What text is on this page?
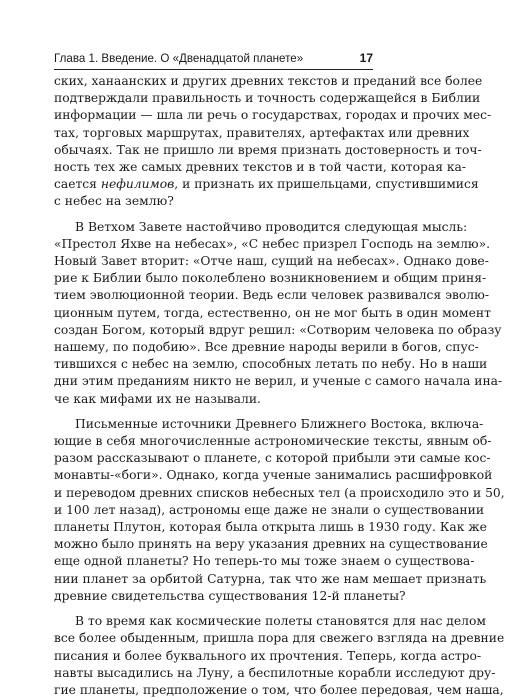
Глава 1. Введение. О «Двенадцатой планете»	17
ских, ханаанских и других древних текстов и преданий все более
подтверждали правильность и точность содержащейся в Библии
информации — шла ли речь о государствах, городах и прочих мес-
тах, торговых маршрутах, правителях, артефактах или древних
обычаях. Так не пришло ли время признать достоверность и точ-
ность тех же самых древних текстов и в той части, которая ка-
сается нефилимов, и признать их пришельцами, спустившимися
с небес на землю?
В Ветхом Завете настойчиво проводится следующая мысль:
«Престол Яхве на небесах», «С небес призрел Господь на землю».
Новый Завет вторит: «Отче наш, сущий на небесах». Однако дове-
рие к Библии было поколеблено возникновением и общим приня-
тием эволюционной теории. Ведь если человек развивался эволю-
ционным путем, тогда, естественно, он не мог быть в один момент
создан Богом, который вдруг решил: «Сотворим человека по образу
нашему, по подобию». Все древние народы верили в богов, спус-
тившихся с небес на землю, способных летать по небу. Но в наши
дни этим преданиям никто не верил, и ученые с самого начала ина-
че как мифами их не называли.
Письменные источники Древнего Ближнего Востока, включа-
ющие в себя многочисленные астрономические тексты, явным об-
разом рассказывают о планете, с которой прибыли эти самые кос-
монавты-«боги». Однако, когда ученые занимались расшифровкой
и переводом древних списков небесных тел (а происходило это и 50,
и 100 лет назад), астрономы еще даже не знали о существовании
планеты Плутон, которая была открыта лишь в 1930 году. Как же
можно было принять на веру указания древних на существование
еще одной планеты? Но теперь-то мы тоже знаем о существова-
нии планет за орбитой Сатурна, так что же нам мешает признать
древние свидетельства существования 12-й планеты?
В то время как космические полеты становятся для нас делом
все более обыденным, пришла пора для свежего взгляда на древние
писания и более буквального их прочтения. Теперь, когда астро-
навты высадились на Луну, а беспилотные корабли исследуют дру-
гие планеты, предположение о том, что более передовая, чем наша,
